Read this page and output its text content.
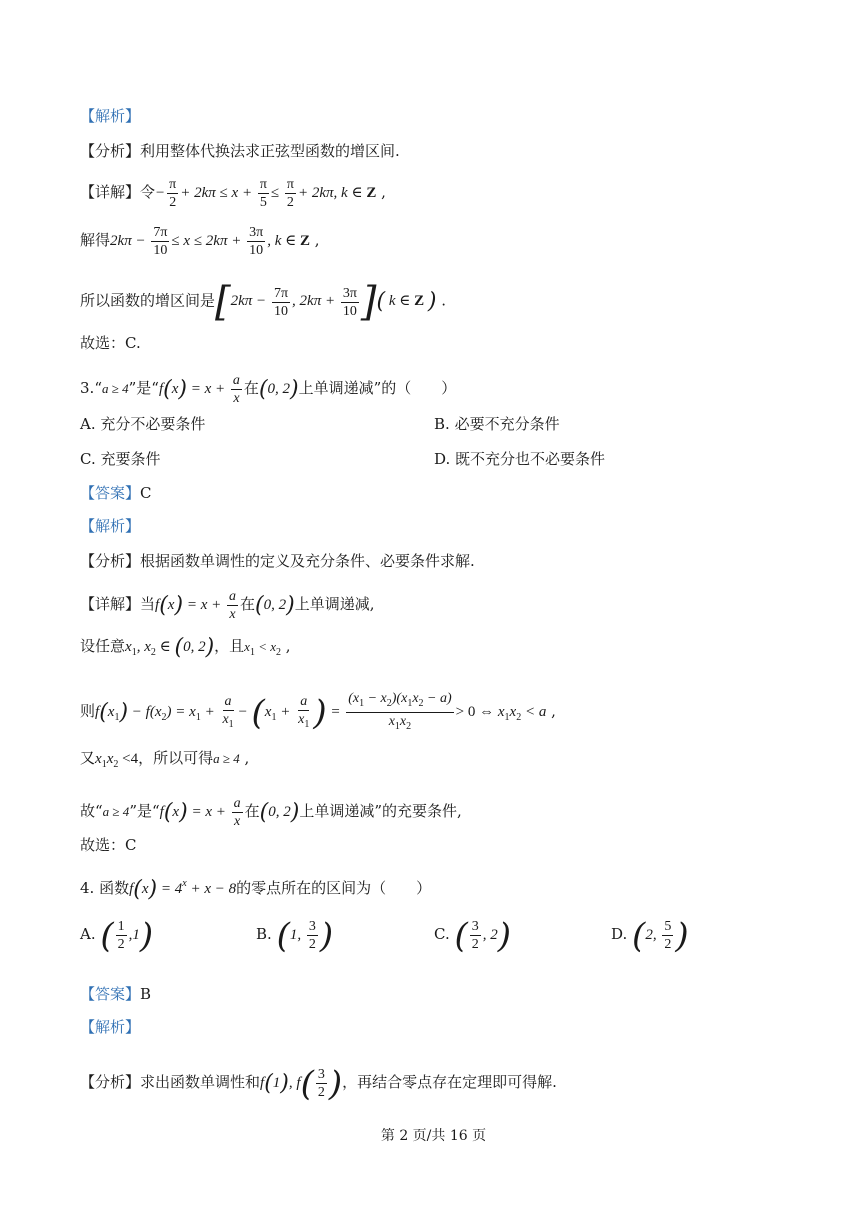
【解析】
【分析】利用整体代换法求正弦型函数的增区间.
【详解】令− $\frac{\pi}{2} + 2k\pi \le x + \frac{\pi}{5} \le \frac{\pi}{2} + 2k\pi$, k ∈ Z ,
解得$2k\pi - \frac{7\pi}{10} \le x \le 2k\pi + \frac{3\pi}{10}$ , k ∈ Z ,
所以函数的增区间是[$2k\pi - \frac{7\pi}{10}$ , $2k\pi + \frac{3\pi}{10}$ ]( k ∈ Z ) .
故选：C.
3.“a ≥ 4”是“$f(x) = x + \frac{a}{x}$ 在(0, 2)上单调递减”的（　　）
A. 充分不必要条件	B. 必要不充分条件
C. 充要条件	D. 既不充分也不必要条件
【答案】C
【解析】
【分析】根据函数单调性的定义及充分条件、必要条件求解.
【详解】当$f(x) = x + \frac{a}{x}$ 在(0, 2)上单调递减,
设任意$x_1$, $x_2$ ∈ (0, 2)，且$x_1 < x_2$ ,
则$f(x_1) - f(x_2) = x_1 + \frac{a}{x_1} - (x_1 + \frac{a}{x_1}$ ) = $\frac{(x_1 - x_2)(x_1x_2 - a)}{x_1x_2} > 0$ ⇔ $x_1x_2 < a$ ,
又$x_1x_2 <4$，所以可得a ≥ 4 ,
故“a ≥ 4”是“$f(x) = x + \frac{a}{x}$ 在(0, 2)上单调递减”的充要条件,
故选：C
4. 函数$f(x) = 4^x + x - 8$的零点所在的区间为（　　）
A. ( $\frac{1}{2} ,1$)	B. (1, $\frac{3}{2}$ )	C. ( $\frac{3}{2}$ , 2)	D. (2, $\frac{5}{2}$ )
【答案】B
【解析】
【分析】求出函数单调性和f(1), $f( \frac{3}{2}$ )，再结合零点存在定理即可得解.
第 2 页/共 16 页
